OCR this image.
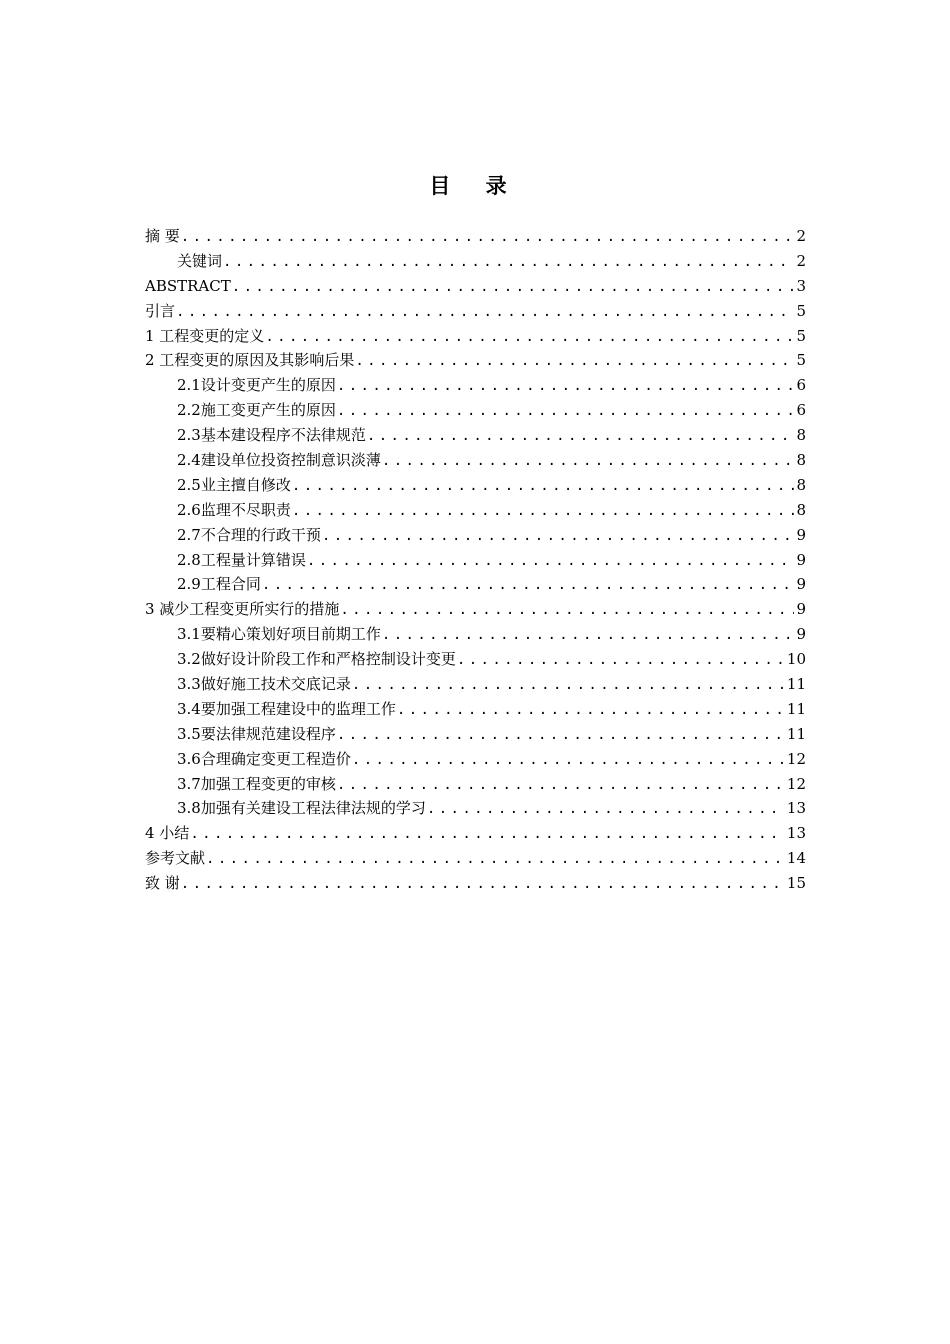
目 录
摘 要 .....	2
关键词 .....	2
ABSTRACT .....	3
引言 .....	5
1 工程变更的定义 .....	5
2 工程变更的原因及其影响后果 .....	5
2.1设计变更产生的原因 .....	6
2.2施工变更产生的原因 .....	6
2.3基本建设程序不法律规范 .....	8
2.4建设单位投资控制意识淡薄 .....	8
2.5业主擅自修改 .....	8
2.6监理不尽职责 .....	8
2.7不合理的行政干预 .....	9
2.8工程量计算错误 .....	9
2.9工程合同 .....	9
3 减少工程变更所实行的措施 .....	9
3.1要精心策划好项目前期工作 .....	9
3.2做好设计阶段工作和严格控制设计变更 .....	10
3.3做好施工技术交底记录 .....	11
3.4要加强工程建设中的监理工作 .....	11
3.5要法律规范建设程序 .....	11
3.6合理确定变更工程造价 .....	12
3.7加强工程变更的审核 .....	12
3.8加强有关建设工程法律法规的学习 .....	13
4 小结 .....	13
参考文献 .....	14
致 谢 .....	15
